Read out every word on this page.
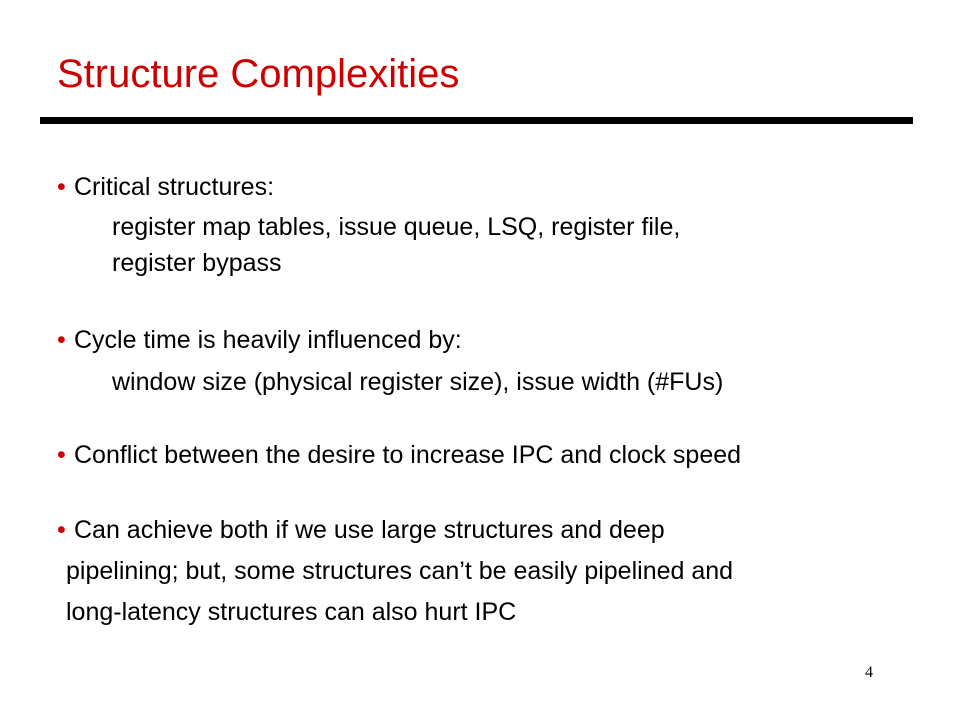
Structure Complexities
• Critical structures:
register map tables, issue queue, LSQ, register file,
register bypass
• Cycle time is heavily influenced by:
window size (physical register size), issue width (#FUs)
• Conflict between the desire to increase IPC and clock speed
• Can achieve both if we use large structures and deep
pipelining; but, some structures can’t be easily pipelined and
long-latency structures can also hurt IPC
4
